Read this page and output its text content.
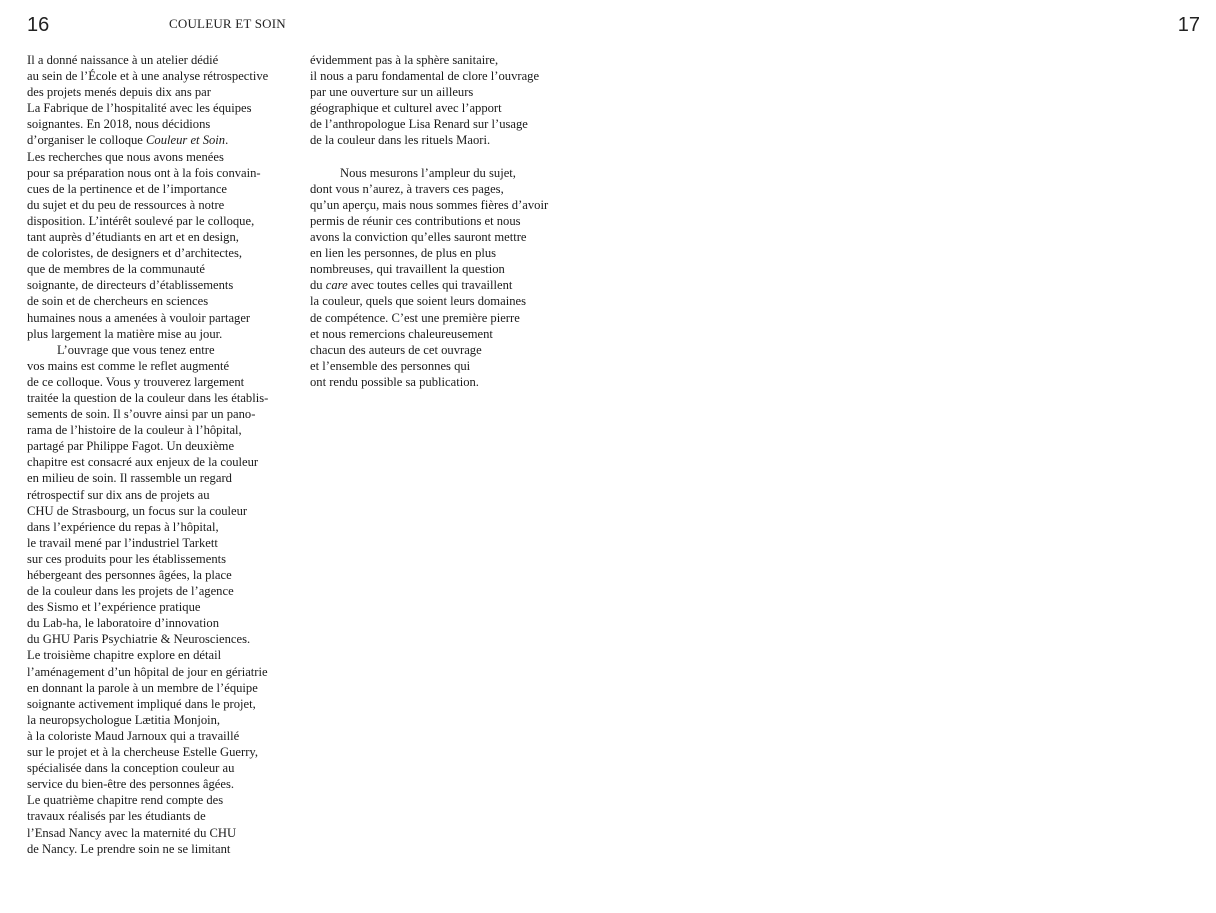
16	COULEUR ET SOIN	17
Il a donné naissance à un atelier dédié
au sein de l’École et à une analyse rétrospective
des projets menés depuis dix ans par
La Fabrique de l’hospitalité avec les équipes
soignantes. En 2018, nous décidions
d’organiser le colloque Couleur et Soin.
Les recherches que nous avons menées
pour sa préparation nous ont à la fois convain-
cues de la pertinence et de l’importance
du sujet et du peu de ressources à notre
disposition. L’intérêt soulevé par le colloque,
tant auprès d’étudiants en art et en design,
de coloristes, de designers et d’architectes,
que de membres de la communauté
soignante, de directeurs d’établissements
de soin et de chercheurs en sciences
humaines nous a amenées à vouloir partager
plus largement la matière mise au jour.
L’ouvrage que vous tenez entre
vos mains est comme le reflet augmenté
de ce colloque. Vous y trouverez largement
traitée la question de la couleur dans les établis-
sements de soin. Il s’ouvre ainsi par un pano-
rama de l’histoire de la couleur à l’hôpital,
partagé par Philippe Fagot. Un deuxième
chapitre est consacré aux enjeux de la couleur
en milieu de soin. Il rassemble un regard
rétrospectif sur dix ans de projets au
CHU de Strasbourg, un focus sur la couleur
dans l’expérience du repas à l’hôpital,
le travail mené par l’industriel Tarkett
sur ces produits pour les établissements
hébergeant des personnes âgées, la place
de la couleur dans les projets de l’agence
des Sismo et l’expérience pratique
du Lab-ha, le laboratoire d’innovation
du GHU Paris Psychiatrie & Neurosciences.
Le troisième chapitre explore en détail
l’aménagement d’un hôpital de jour en gériatrie
en donnant la parole à un membre de l’équipe
soignante activement impliqué dans le projet,
la neuropsychologue Lætitia Monjoin,
à la coloriste Maud Jarnoux qui a travaillé
sur le projet et à la chercheuse Estelle Guerry,
spécialisée dans la conception couleur au
service du bien-être des personnes âgées.
Le quatrième chapitre rend compte des
travaux réalisés par les étudiants de
l’Ensad Nancy avec la maternité du CHU
de Nancy. Le prendre soin ne se limitant
évidemment pas à la sphère sanitaire,
il nous a paru fondamental de clore l’ouvrage
par une ouverture sur un ailleurs
géographique et culturel avec l’apport
de l’anthropologue Lisa Renard sur l’usage
de la couleur dans les rituels Maori.
Nous mesurons l’ampleur du sujet,
dont vous n’aurez, à travers ces pages,
qu’un aperçu, mais nous sommes fières d’avoir
permis de réunir ces contributions et nous
avons la conviction qu’elles sauront mettre
en lien les personnes, de plus en plus
nombreuses, qui travaillent la question
du care avec toutes celles qui travaillent
la couleur, quels que soient leurs domaines
de compétence. C’est une première pierre
et nous remercions chaleureusement
chacun des auteurs de cet ouvrage
et l’ensemble des personnes qui
ont rendu possible sa publication.
